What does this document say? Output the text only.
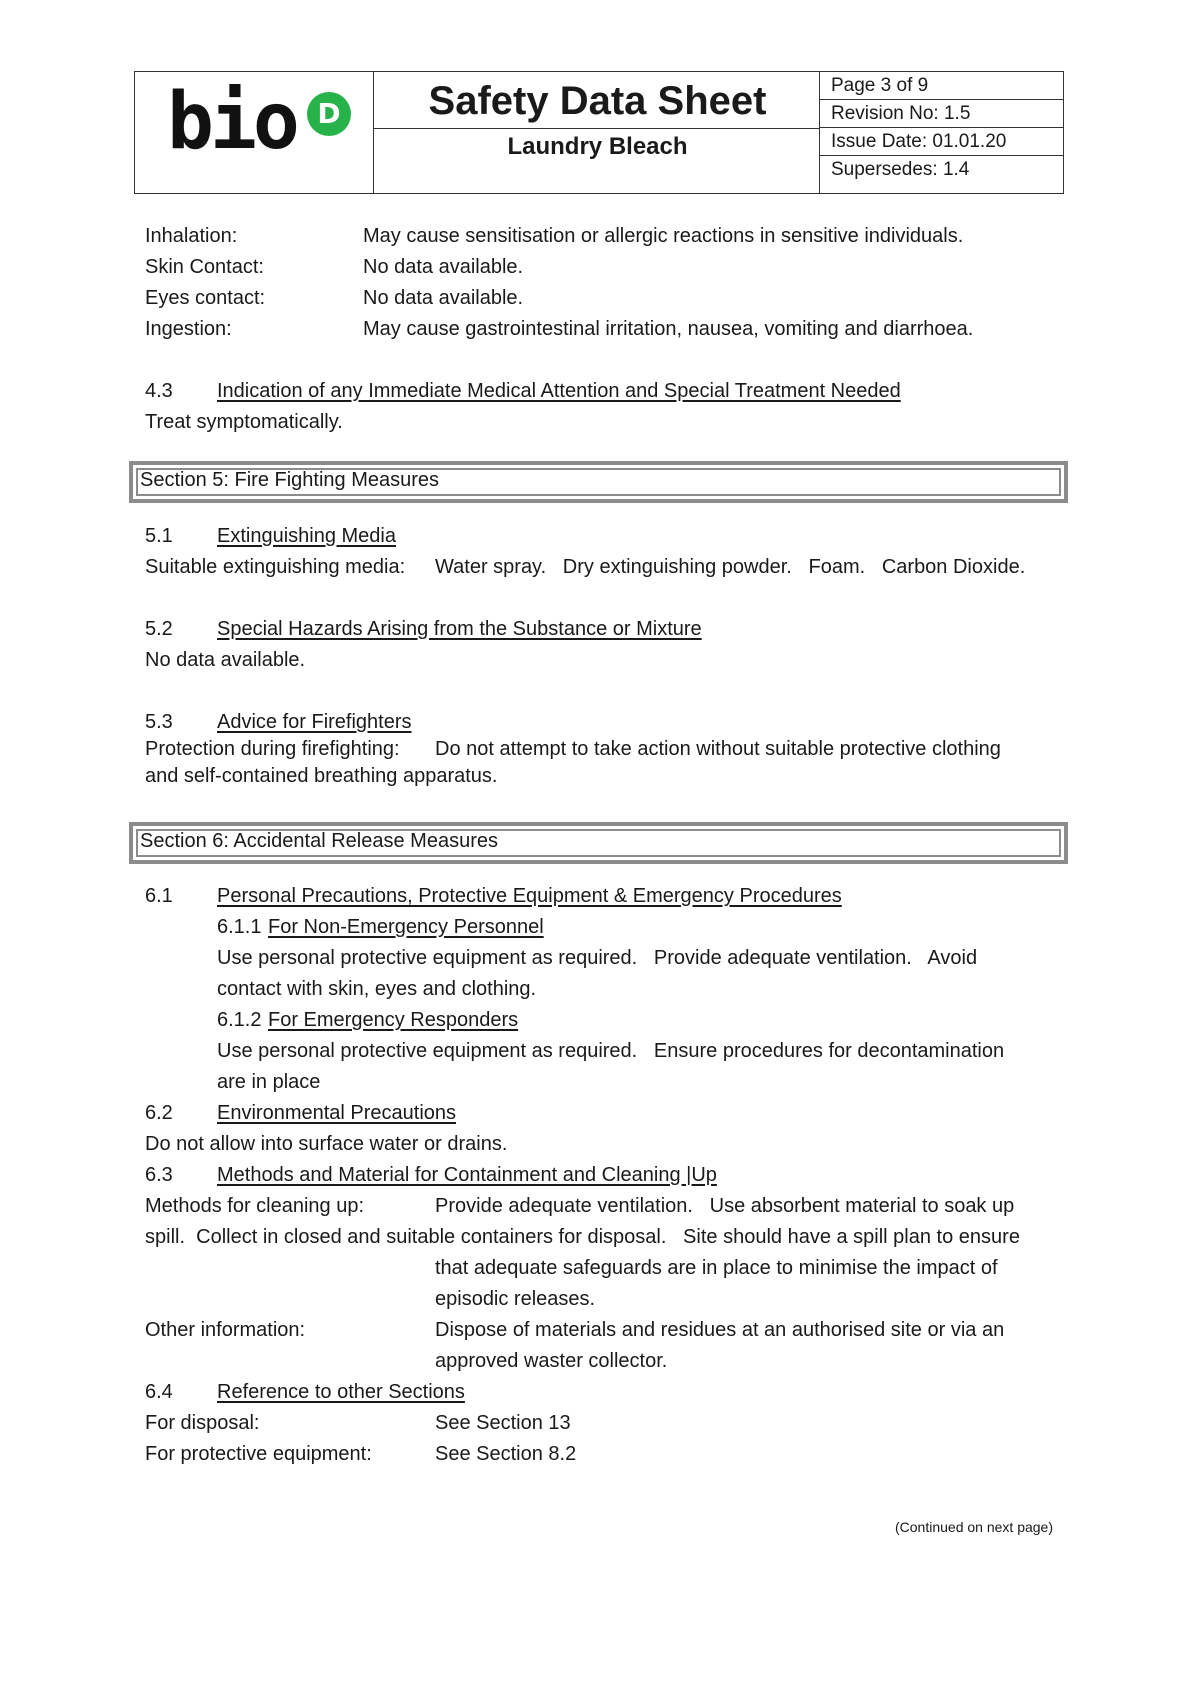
bio D	Safety Data Sheet
Laundry Bleach
Page 3 of 9
Revision No: 1.5
Issue Date: 01.01.20
Supersedes: 1.4
Inhalation:	May cause sensitisation or allergic reactions in sensitive individuals.
Skin Contact:	No data available.
Eyes contact:	No data available.
Ingestion:	May cause gastrointestinal irritation, nausea, vomiting and diarrhoea.
4.3 Indication of any Immediate Medical Attention and Special Treatment Needed
Treat symptomatically.
Section 5: Fire Fighting Measures
5.1 Extinguishing Media
Suitable extinguishing media: Water spray.   Dry extinguishing powder.   Foam.   Carbon Dioxide.
5.2 Special Hazards Arising from the Substance or Mixture
No data available.
5.3 Advice for Firefighters
Protection during firefighting: Do not attempt to take action without suitable protective clothing
and self-contained breathing apparatus.
Section 6: Accidental Release Measures
6.1 Personal Precautions, Protective Equipment & Emergency Procedures
6.1.1 For Non-Emergency Personnel
Use personal protective equipment as required.   Provide adequate ventilation.   Avoid
contact with skin, eyes and clothing.
6.1.2 For Emergency Responders
Use personal protective equipment as required.   Ensure procedures for decontamination
are in place
6.2 Environmental Precautions
Do not allow into surface water or drains.
6.3 Methods and Material for Containment and Cleaning |Up
Methods for cleaning up:	Provide adequate ventilation.   Use absorbent material to soak up
spill.  Collect in closed and suitable containers for disposal.   Site should have a spill plan to ensure
that adequate safeguards are in place to minimise the impact of
episodic releases.
Other information:	Dispose of materials and residues at an authorised site or via an
approved waster collector.
6.4 Reference to other Sections
For disposal:	See Section 13
For protective equipment:	See Section 8.2
(Continued on next page)
